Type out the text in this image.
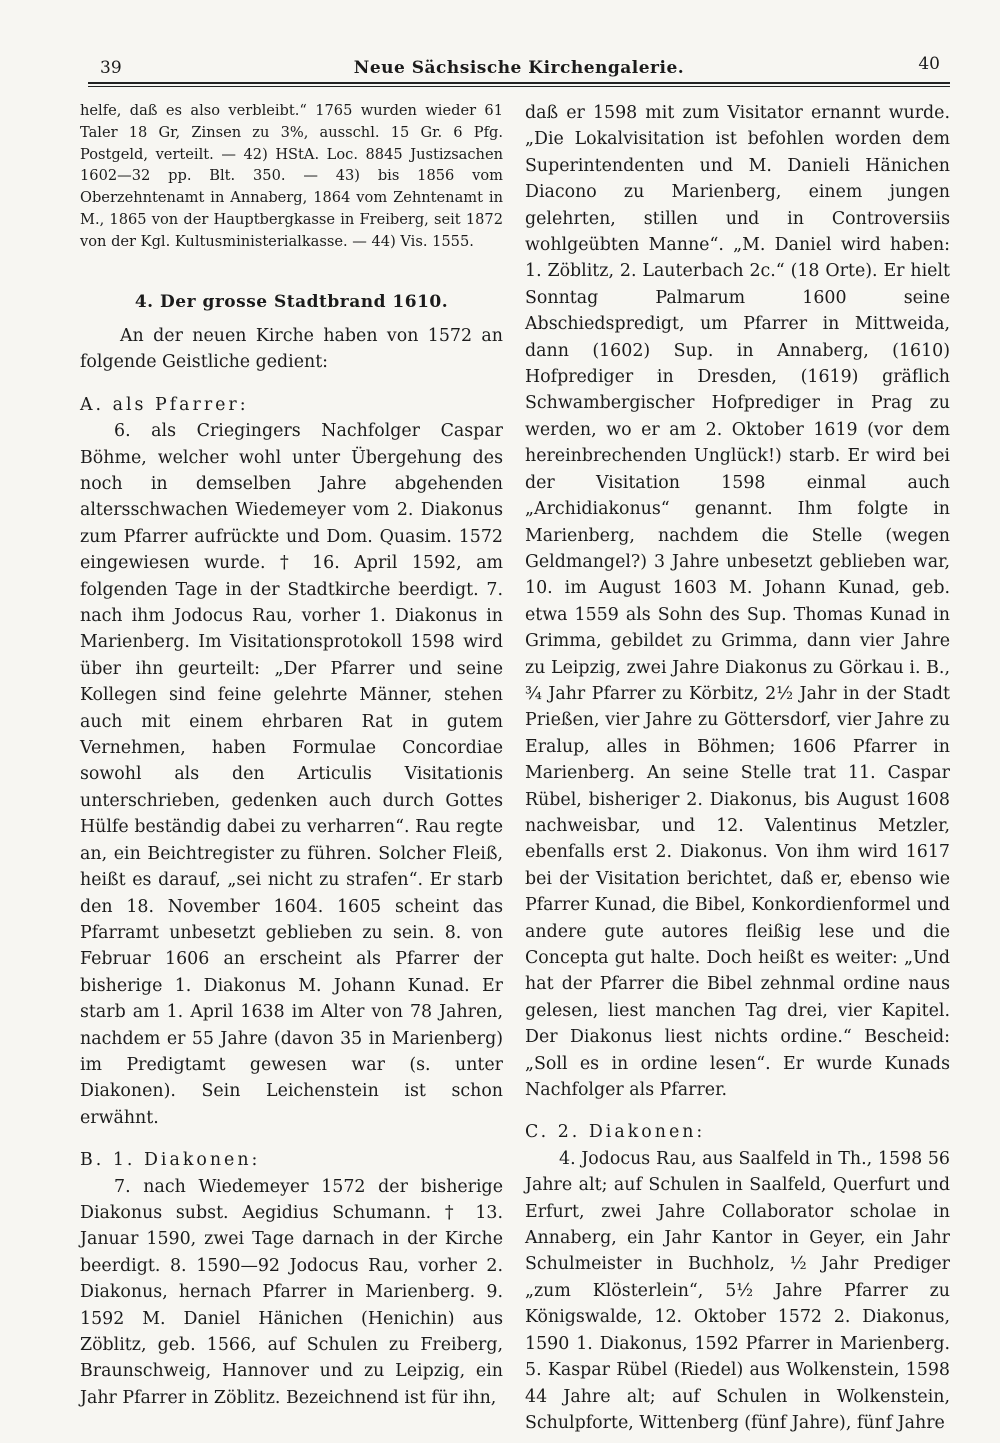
39	Neue Sächsische Kirchengalerie.	40

helfe, daß es also verbleibt.“ 1765 wurden wieder 61 Taler 18 Gr, Zinsen zu 3%, ausschl. 15 Gr. 6 Pfg. Postgeld, verteilt. — 42) HStA. Loc. 8845 Justizsachen 1602—32 pp. Blt. 350. — 43) bis 1856 vom Oberzehntenamt in Annaberg, 1864 vom Zehntenamt in M., 1865 von der Hauptbergkasse in Freiberg, seit 1872 von der Kgl. Kultusministerialkasse. — 44) Vis. 1555.

4. Der grosse Stadtbrand 1610.

An der neuen Kirche haben von 1572 an folgende Geistliche gedient:

A. als Pfarrer:

6. als Criegingers Nachfolger Caspar Böhme, welcher wohl unter Übergehung des noch in demselben Jahre abgehenden altersschwachen Wiedemeyer vom 2. Diakonus zum Pfarrer aufrückte und Dom. Quasim. 1572 eingewiesen wurde. † 16. April 1592, am folgenden Tage in der Stadtkirche beerdigt. 7. nach ihm Jodocus Rau, vorher 1. Diakonus in Marienberg. Im Visitationsprotokoll 1598 wird über ihn geurteilt: „Der Pfarrer und seine Kollegen sind feine gelehrte Männer, stehen auch mit einem ehrbaren Rat in gutem Vernehmen, haben Formulae Concordiae sowohl als den Articulis Visitationis unterschrieben, gedenken auch durch Gottes Hülfe beständig dabei zu verharren“. Rau regte an, ein Beichtregister zu führen. Solcher Fleiß, heißt es darauf, „sei nicht zu strafen“. Er starb den 18. November 1604. 1605 scheint das Pfarramt unbesetzt geblieben zu sein. 8. von Februar 1606 an erscheint als Pfarrer der bisherige 1. Diakonus M. Johann Kunad. Er starb am 1. April 1638 im Alter von 78 Jahren, nachdem er 55 Jahre (davon 35 in Marienberg) im Predigtamt gewesen war (s. unter Diakonen). Sein Leichenstein ist schon erwähnt.

B. 1. Diakonen:

7. nach Wiedemeyer 1572 der bisherige Diakonus subst. Aegidius Schumann. † 13. Januar 1590, zwei Tage darnach in der Kirche beerdigt. 8. 1590—92 Jodocus Rau, vorher 2. Diakonus, hernach Pfarrer in Marienberg. 9. 1592 M. Daniel Hänichen (Henichin) aus Zöblitz, geb. 1566, auf Schulen zu Freiberg, Braunschweig, Hannover und zu Leipzig, ein Jahr Pfarrer in Zöblitz. Bezeichnend ist für ihn,

daß er 1598 mit zum Visitator ernannt wurde. „Die Lokalvisitation ist befohlen worden dem Superintendenten und M. Danieli Hänichen Diacono zu Marienberg, einem jungen gelehrten, stillen und in Controversiis wohlgeübten Manne“. „M. Daniel wird haben: 1. Zöblitz, 2. Lauterbach 2c.“ (18 Orte). Er hielt Sonntag Palmarum 1600 seine Abschiedspredigt, um Pfarrer in Mittweida, dann (1602) Sup. in Annaberg, (1610) Hofprediger in Dresden, (1619) gräflich Schwambergischer Hofprediger in Prag zu werden, wo er am 2. Oktober 1619 (vor dem hereinbrechenden Unglück!) starb. Er wird bei der Visitation 1598 einmal auch „Archidiakonus“ genannt. Ihm folgte in Marienberg, nachdem die Stelle (wegen Geldmangel?) 3 Jahre unbesetzt geblieben war, 10. im August 1603 M. Johann Kunad, geb. etwa 1559 als Sohn des Sup. Thomas Kunad in Grimma, gebildet zu Grimma, dann vier Jahre zu Leipzig, zwei Jahre Diakonus zu Görkau i. B., ¾ Jahr Pfarrer zu Körbitz, 2½ Jahr in der Stadt Prießen, vier Jahre zu Göttersdorf, vier Jahre zu Eralup, alles in Böhmen; 1606 Pfarrer in Marienberg. An seine Stelle trat 11. Caspar Rübel, bisheriger 2. Diakonus, bis August 1608 nachweisbar, und 12. Valentinus Metzler, ebenfalls erst 2. Diakonus. Von ihm wird 1617 bei der Visitation berichtet, daß er, ebenso wie Pfarrer Kunad, die Bibel, Konkordienformel und andere gute autores fleißig lese und die Concepta gut halte. Doch heißt es weiter: „Und hat der Pfarrer die Bibel zehnmal ordine naus gelesen, liest manchen Tag drei, vier Kapitel. Der Diakonus liest nichts ordine.“ Bescheid: „Soll es in ordine lesen“. Er wurde Kunads Nachfolger als Pfarrer.

C. 2. Diakonen:

4. Jodocus Rau, aus Saalfeld in Th., 1598 56 Jahre alt; auf Schulen in Saalfeld, Querfurt und Erfurt, zwei Jahre Collaborator scholae in Annaberg, ein Jahr Kantor in Geyer, ein Jahr Schulmeister in Buchholz, ½ Jahr Prediger „zum Klösterlein“, 5½ Jahre Pfarrer zu Königswalde, 12. Oktober 1572 2. Diakonus, 1590 1. Diakonus, 1592 Pfarrer in Marienberg. 5. Kaspar Rübel (Riedel) aus Wolkenstein, 1598 44 Jahre alt; auf Schulen in Wolkenstein, Schulpforte, Wittenberg (fünf Jahre), fünf Jahre
